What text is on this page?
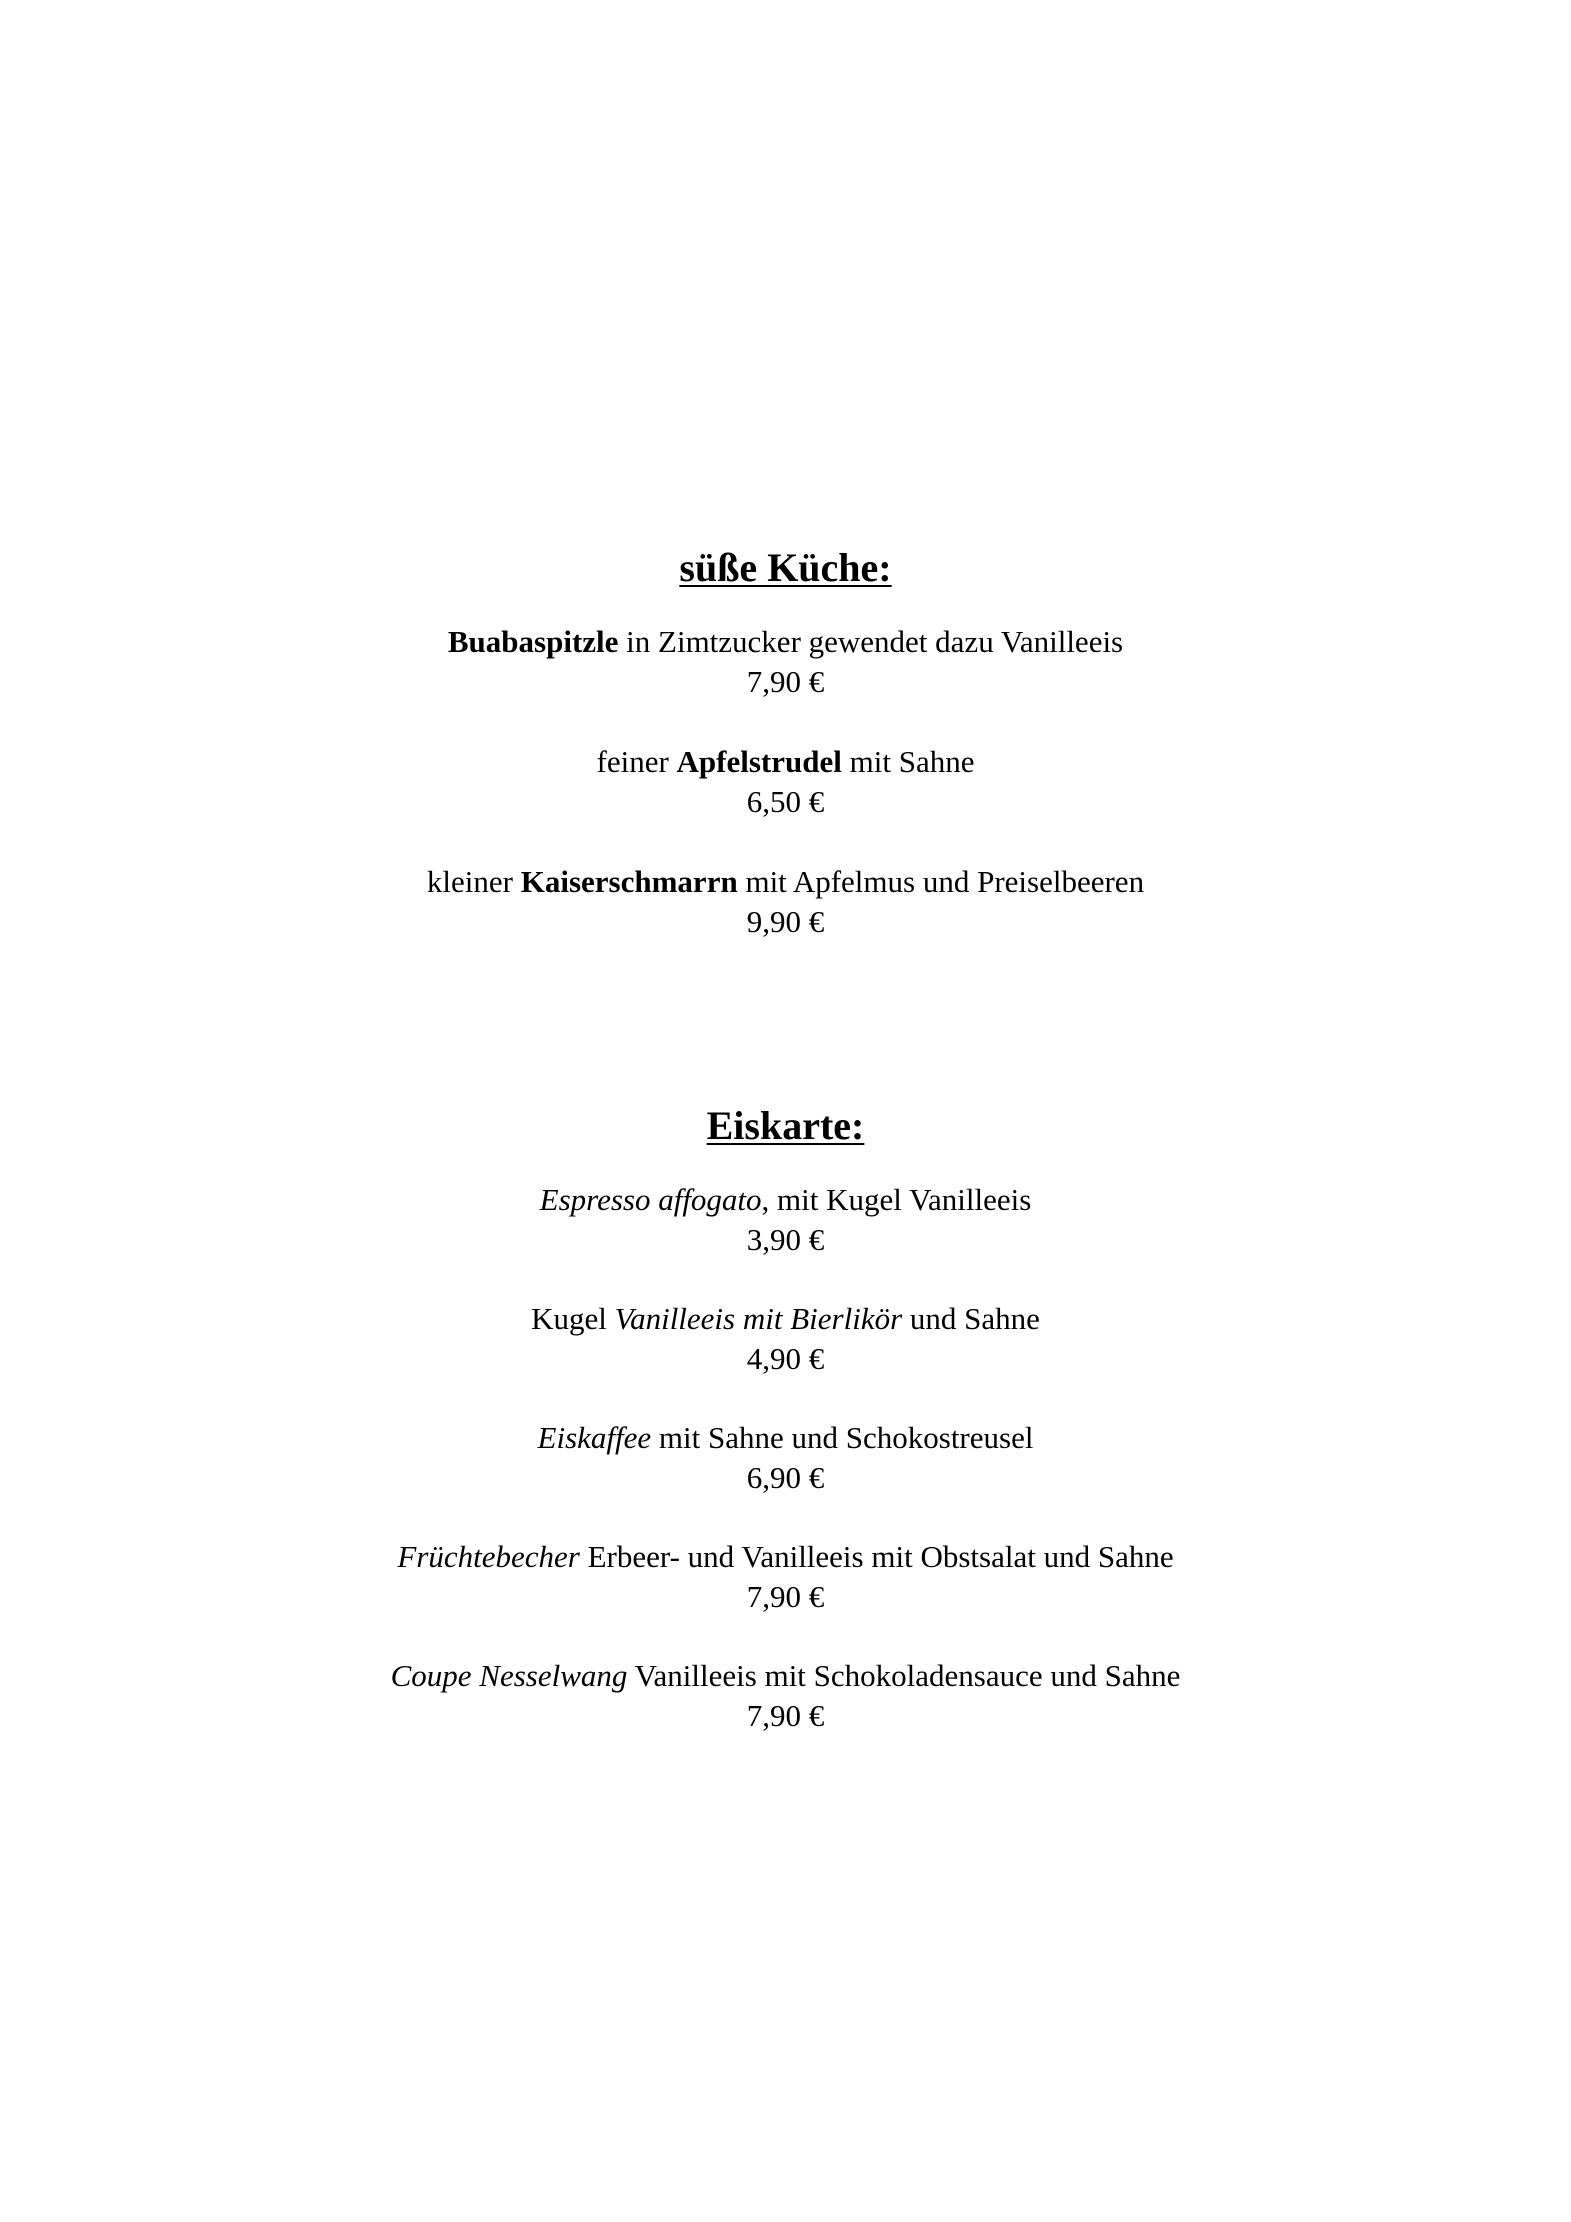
süße Küche:
Buabaspitzle in Zimtzucker gewendet dazu Vanilleeis
7,90 €
feiner Apfelstrudel mit Sahne
6,50 €
kleiner Kaiserschmarrn mit Apfelmus und Preiselbeeren
9,90 €
Eiskarte:
Espresso affogato, mit Kugel Vanilleeis
3,90 €
Kugel Vanilleeis mit Bierlikör und Sahne
4,90 €
Eiskaffee mit Sahne und Schokostreusel
6,90 €
Früchtebecher Erbeer- und Vanilleeis mit Obstsalat und Sahne
7,90 €
Coupe Nesselwang Vanilleeis mit Schokoladensauce und Sahne
7,90 €
